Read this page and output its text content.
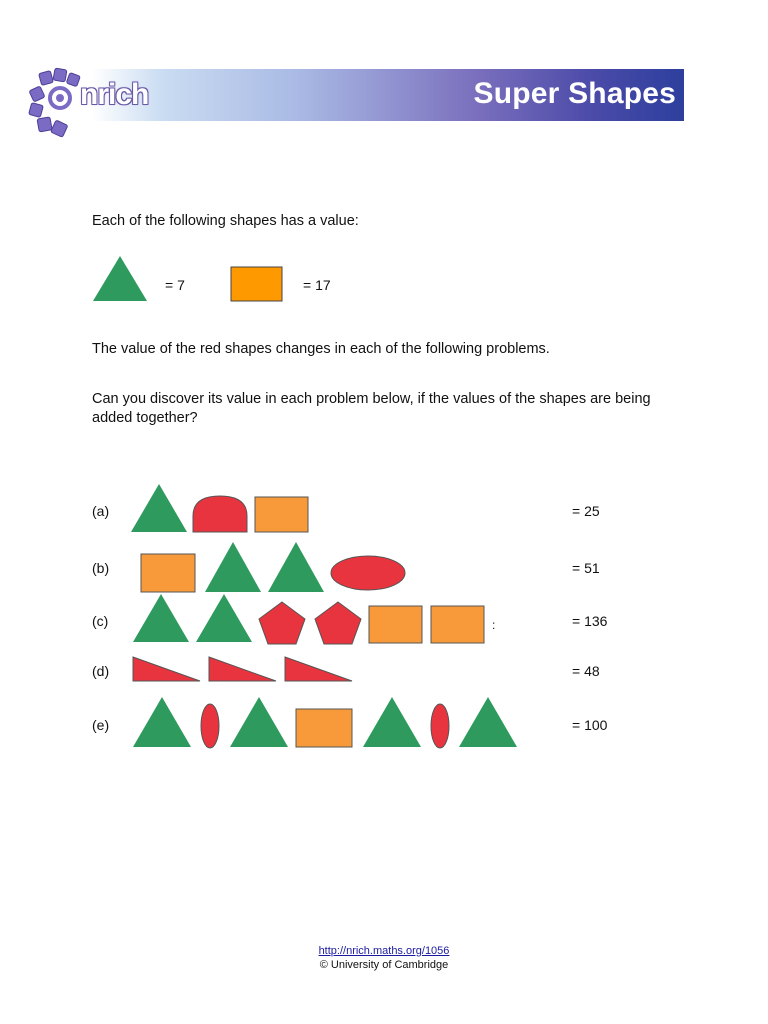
Super Shapes
nrich
Each of the following shapes has a value:
= 7	= 17
The value of the red shapes changes in each of the following problems.
Can you discover its value in each problem below, if the values of the shapes are being added together?
(a)	= 25
(b)	= 51
(c)	:	= 136
(d)	= 48
(e)	= 100
http://nrich.maths.org/1056
© University of Cambridge
